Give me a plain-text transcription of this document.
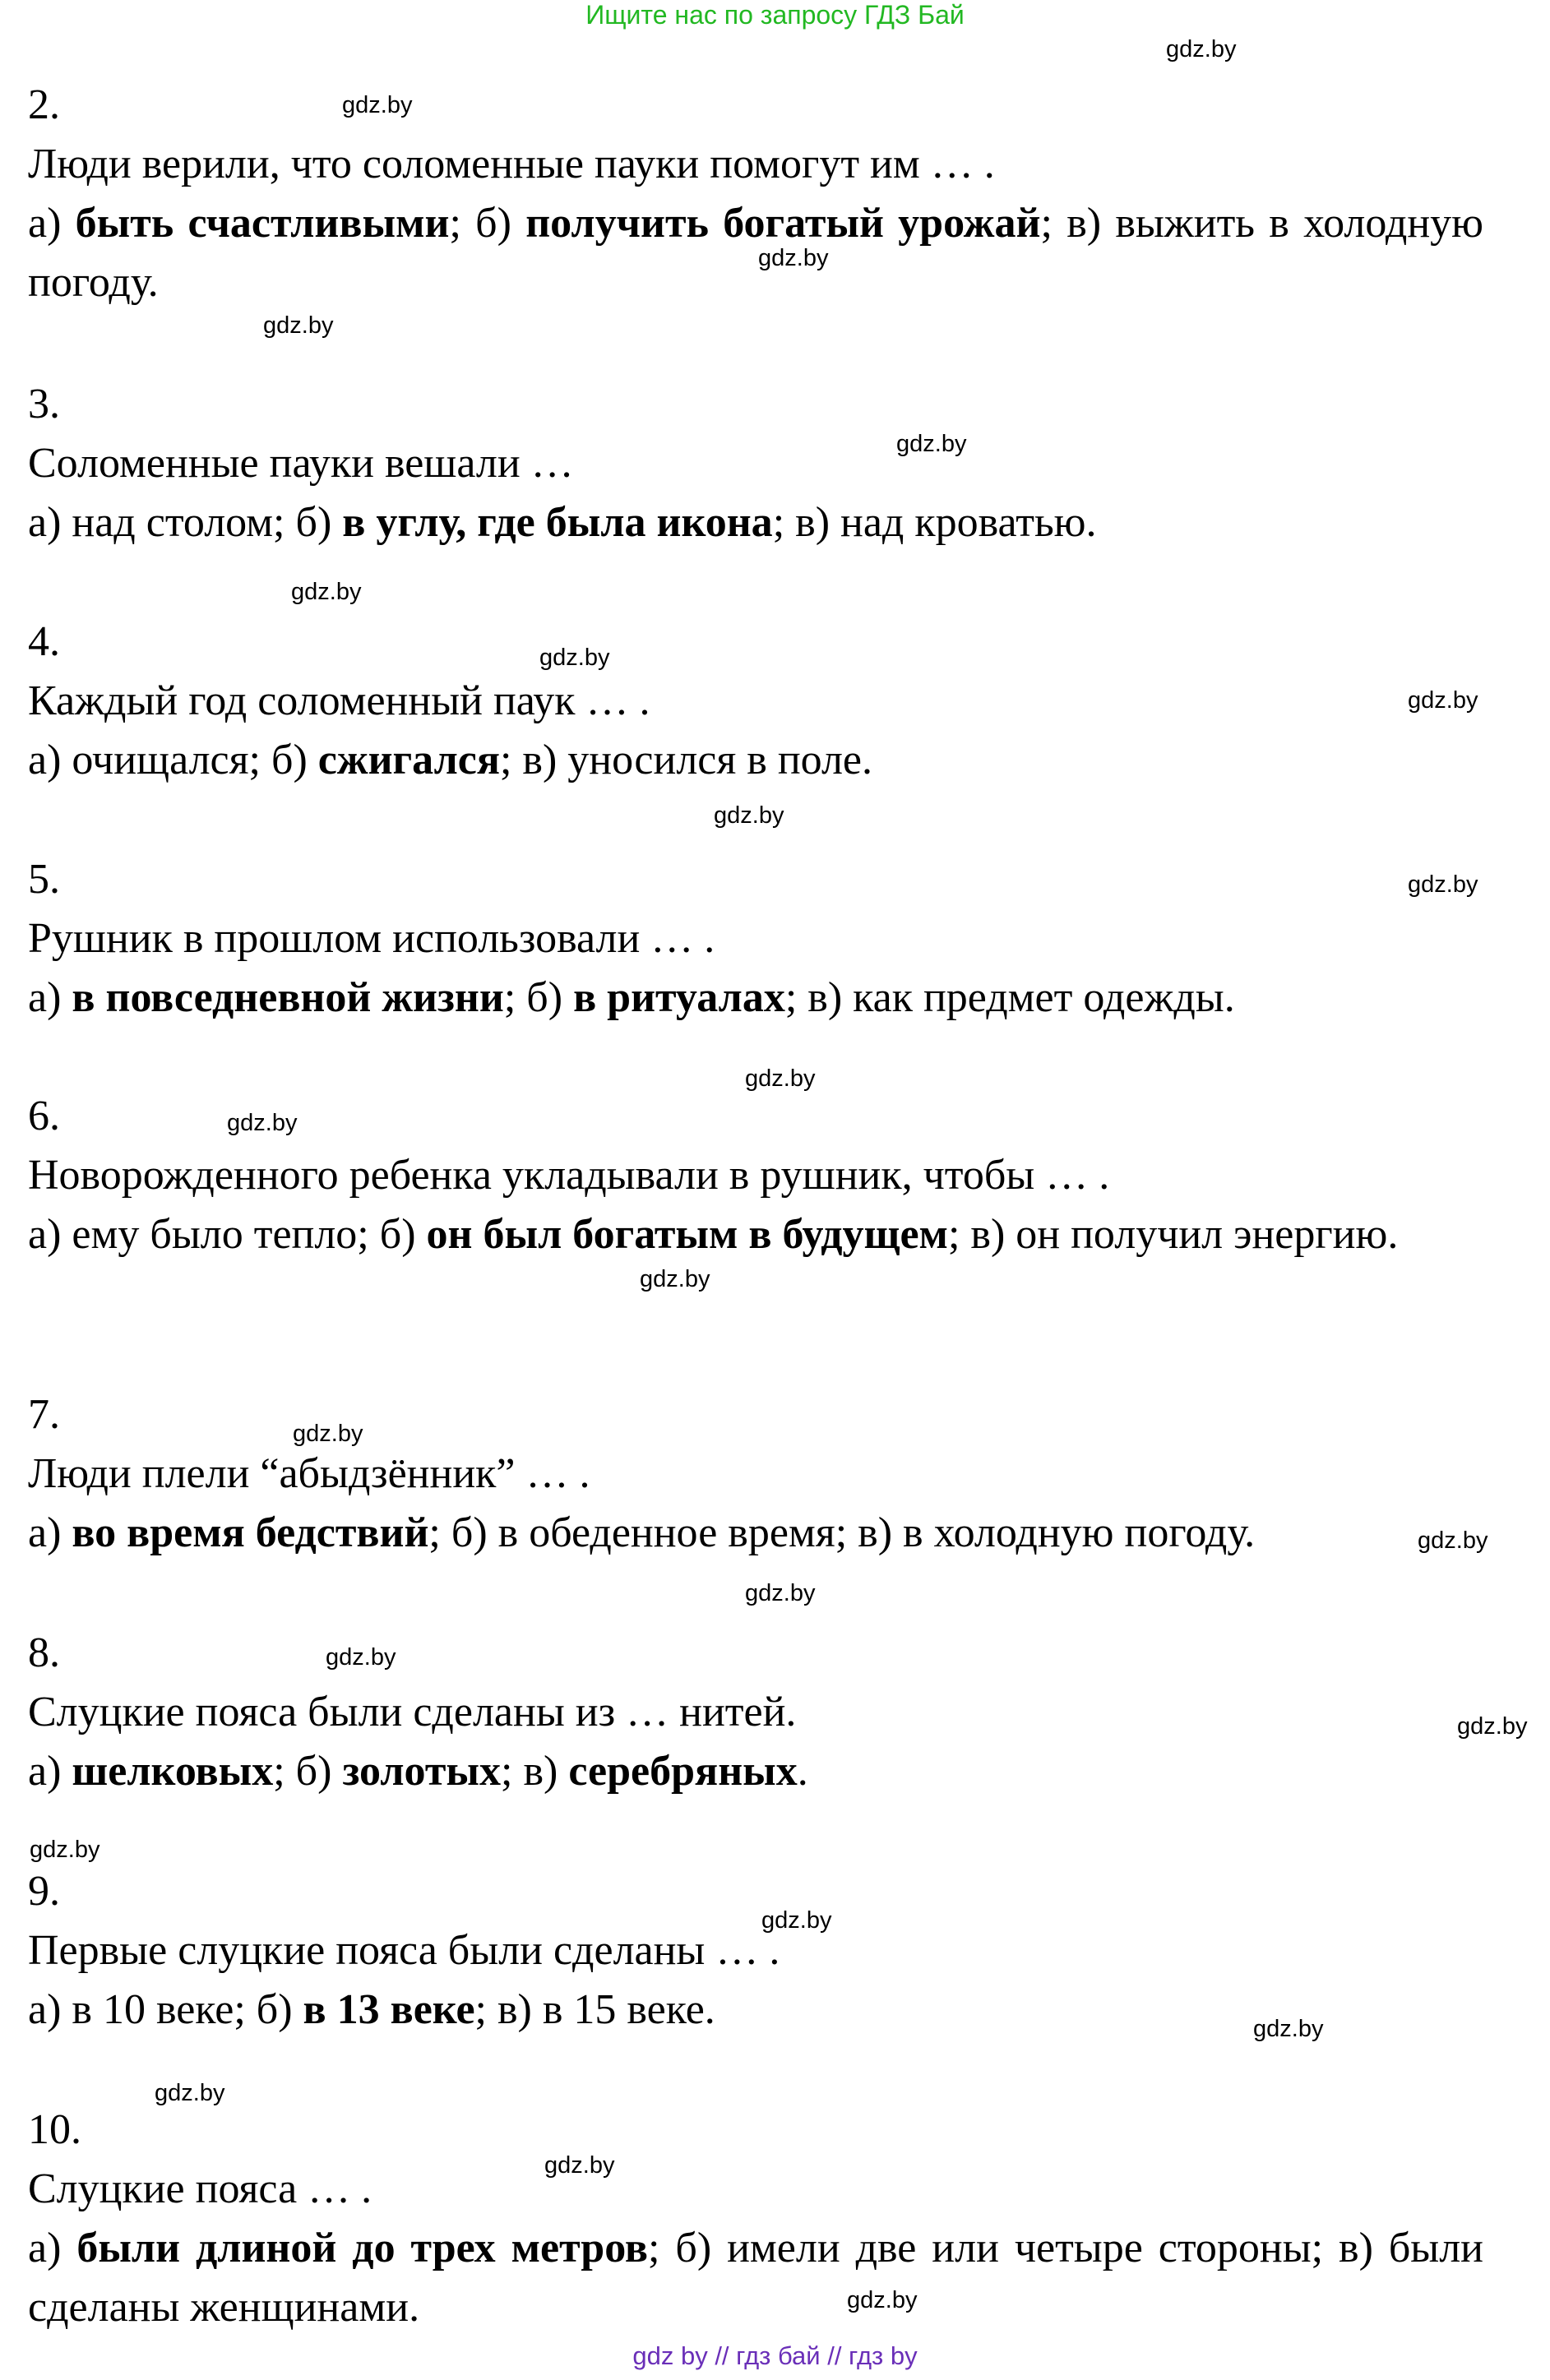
Ищите нас по запросу ГДЗ Бай

2.

Люди верили, что соломенные пауки помогут им … .

а) быть счастливыми; б) получить богатый урожай; в) выжить в холодную погоду.

3.

Соломенные пауки вешали …

а) над столом; б) в углу, где была икона; в) над кроватью.

4.

Каждый год соломенный паук … .

а) очищался; б) сжигался; в) уносился в поле.

5.

Рушник в прошлом использовали … .

а) в повседневной жизни; б) в ритуалах; в) как предмет одежды.

6.

Новорожденного ребенка укладывали в рушник, чтобы … .

а) ему было тепло; б) он был богатым в будущем; в) он получил энергию.

7.

Люди плели “абыдзённик” … .

а) во время бедствий; б) в обеденное время; в) в холодную погоду.

8.

Слуцкие пояса были сделаны из … нитей.

а) шелковых; б) золотых; в) серебряных.

9.

Первые слуцкие пояса были сделаны … .

а) в 10 веке; б) в 13 веке; в) в 15 веке.

10.

Слуцкие пояса … .

а) были длиной до трех метров; б) имели две или четыре стороны; в) были сделаны женщинами.

gdz.by
gdz.by
gdz.by
gdz.by
gdz.by
gdz.by
gdz.by
gdz.by
gdz.by
gdz.by
gdz.by
gdz.by
gdz.by
gdz.by
gdz.by
gdz.by
gdz.by
gdz.by
gdz.by
gdz.by
gdz.by
gdz.by
gdz.by
gdz.by
gdz by // гдз бай // гдз by
